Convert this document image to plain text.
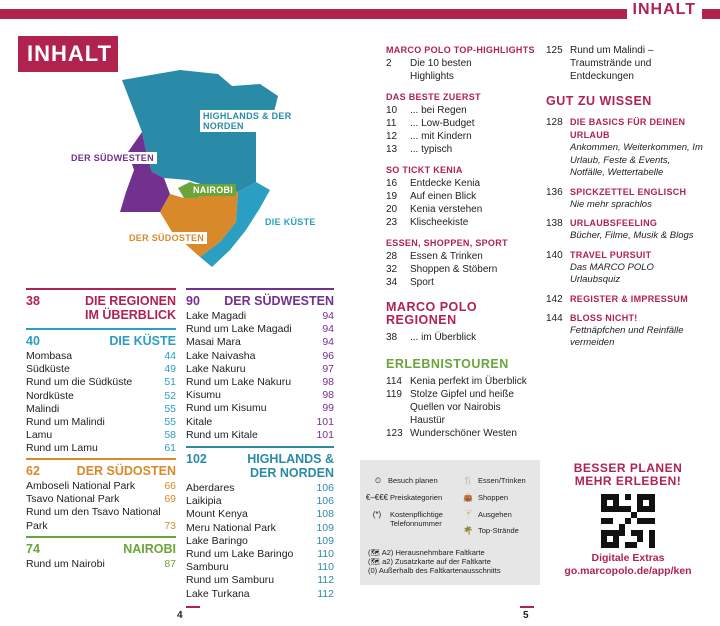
INHALT
INHALT
HIGHLANDS & DER NORDEN
DER SÜDWESTEN
NAIROBI
DER SÜDOSTEN
DIE KÜSTE
38	DIE REGIONEN IM ÜBERBLICK
40	DIE KÜSTE
Mombasa	44
Südküste	49
Rund um die Südküste	51
Nordküste	52
Malindi	55
Rund um Malindi	55
Lamu	58
Rund um Lamu	61
62	DER SÜDOSTEN
Amboseli National Park	66
Tsavo National Park	69
Rund um den Tsavo National
Park	73
74	NAIROBI
Rund um Nairobi	87
90 DER SÜDWESTEN
Lake Magadi	94
Rund um Lake Magadi	94
Masai Mara	94
Lake Naivasha	96
Lake Nakuru	97
Rund um Lake Nakuru	98
Kisumu	98
Rund um Kisumu	99
Kitale	101
Rund um Kitale	101
102	HIGHLANDS & DER NORDEN
Aberdares	106
Laikipia	106
Mount Kenya	108
Meru National Park	109
Lake Baringo	109
Rund um Lake Baringo 110
Samburu	110
Rund um Samburu	112
Lake Turkana	112
MARCO POLO TOP-HIGHLIGHTS
2	Die 10 besten
Highlights
DAS BESTE ZUERST
10	... bei Regen
11	... Low-Budget
12	... mit Kindern
13	... typisch
SO TICKT KENIA
16	Entdecke Kenia
19	Auf einen Blick
20	Kenia verstehen
23	Klischeekiste
ESSEN, SHOPPEN, SPORT
28	Essen & Trinken
32	Shoppen & Stöbern
34	Sport
MARCO POLO REGIONEN
38	... im Überblick
ERLEBNISTOUREN
114 Kenia perfekt im Überblick
119 Stolze Gipfel und heiße
Quellen vor Nairobis Haustür
123 Wunderschöner Westen
125 Rund um Malindi –
Traumstrände und
Entdeckungen
GUT ZU WISSEN
128 DIE BASICS FÜR DEINEN URLAUB
Ankommen, Weiterkommen, Im Urlaub, Feste & Events, Notfälle, Wettertabelle
136 SPICKZETTEL ENGLISCH
Nie mehr sprachlos
138 URLAUBSFEELING
Bücher, Filme, Musik & Blogs
140 TRAVEL PURSUIT
Das MARCO POLO Urlaubsquiz
142 REGISTER & IMPRESSUM
144 BLOSS NICHT!
Fettnäpfchen und Reinfälle vermeiden
⏲ Besuch planen	🍴 Essen/Trinken
€–€€€ Preiskategorien	👜 Shoppen
(*)	Kostenpflichtige Telefonnummer
🍸 Ausgehen
🌴 Top-Strände
(🗺 A2) Herausnehmbare Faltkarte
(🗺 a2) Zusatzkarte auf der Faltkarte
(0) Außerhalb des Faltkartenausschnitts
BESSER PLANEN
MEHR ERLEBEN!
Digitale Extras
go.marcopolo.de/app/ken
4	5
